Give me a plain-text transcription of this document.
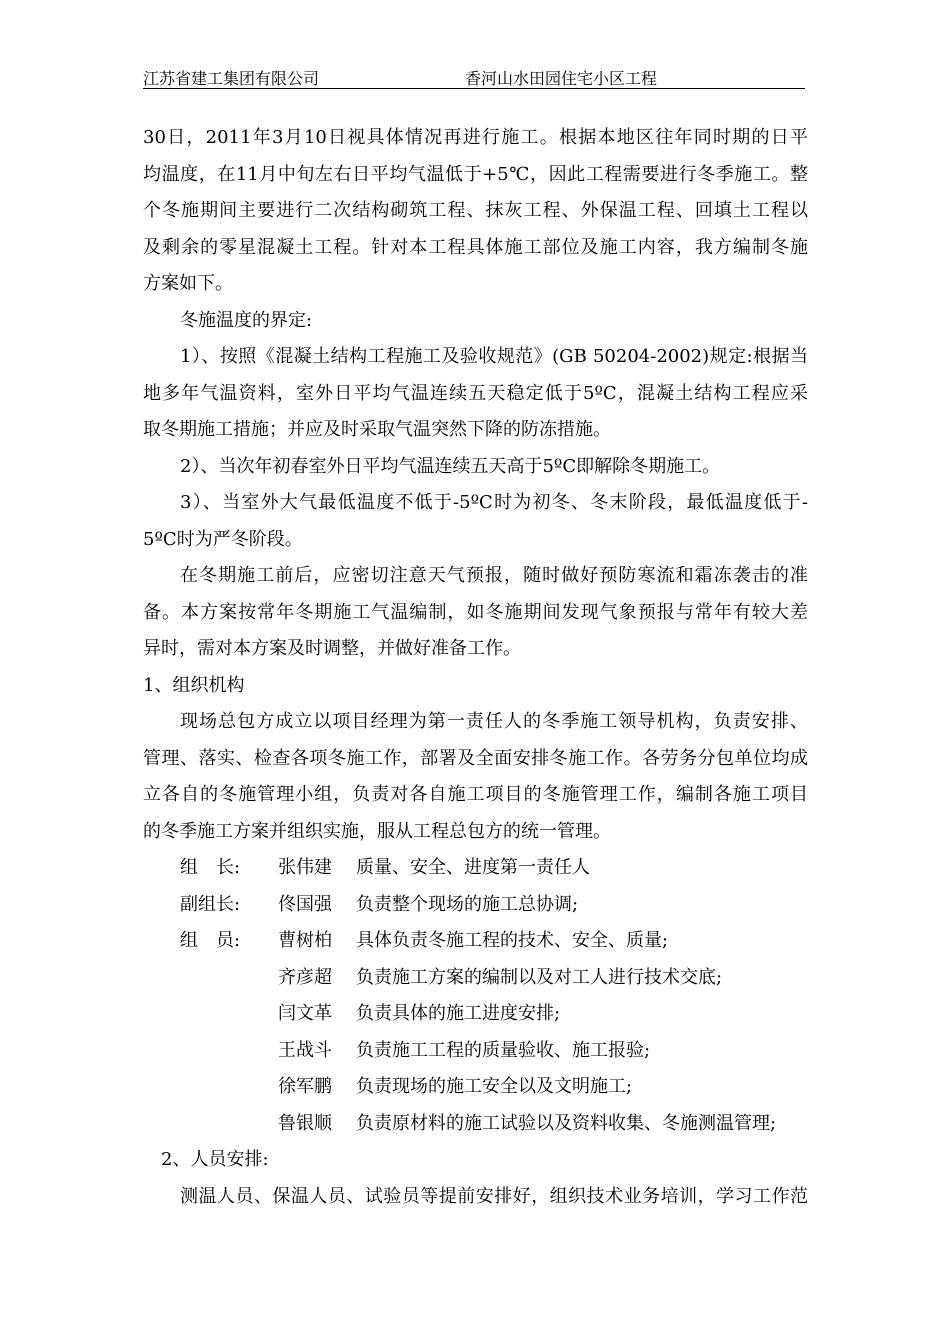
江苏省建工集团有限公司	香河山水田园住宅小区工程
30日，2011年3月10日视具体情况再进行施工。根据本地区往年同时期的日平
均温度，在11月中旬左右日平均气温低于+5℃，因此工程需要进行冬季施工。整
个冬施期间主要进行二次结构砌筑工程、抹灰工程、外保温工程、回填土工程以
及剩余的零星混凝土工程。针对本工程具体施工部位及施工内容，我方编制冬施
方案如下。
冬施温度的界定:
1）、按照《混凝土结构工程施工及验收规范》(GB 50204-2002)规定:根据当
地多年气温资料，室外日平均气温连续五天稳定低于5ºC，混凝土结构工程应采
取冬期施工措施；并应及时采取气温突然下降的防冻措施。
2）、当次年初春室外日平均气温连续五天高于5ºC即解除冬期施工。
3）、当室外大气最低温度不低于-5ºC时为初冬、冬末阶段，最低温度低于-
5ºC时为严冬阶段。
在冬期施工前后，应密切注意天气预报，随时做好预防寒流和霜冻袭击的准
备。本方案按常年冬期施工气温编制，如冬施期间发现气象预报与常年有较大差
异时，需对本方案及时调整，并做好准备工作。
1、组织机构
现场总包方成立以项目经理为第一责任人的冬季施工领导机构，负责安排、
管理、落实、检查各项冬施工作，部署及全面安排冬施工作。各劳务分包单位均成
立各自的冬施管理小组，负责对各自施工项目的冬施管理工作，编制各施工项目
的冬季施工方案并组织实施，服从工程总包方的统一管理。
组　长:	张伟建	质量、安全、进度第一责任人
副组长:	佟国强	负责整个现场的施工总协调;
组　员:	曹树柏	具体负责冬施工程的技术、安全、质量;
齐彦超	负责施工方案的编制以及对工人进行技术交底;
闫文革	负责具体的施工进度安排;
王战斗	负责施工工程的质量验收、施工报验;
徐军鹏	负责现场的施工安全以及文明施工;
鲁银顺	负责原材料的施工试验以及资料收集、冬施测温管理;
2、人员安排:
测温人员、保温人员、试验员等提前安排好，组织技术业务培训，学习工作范
